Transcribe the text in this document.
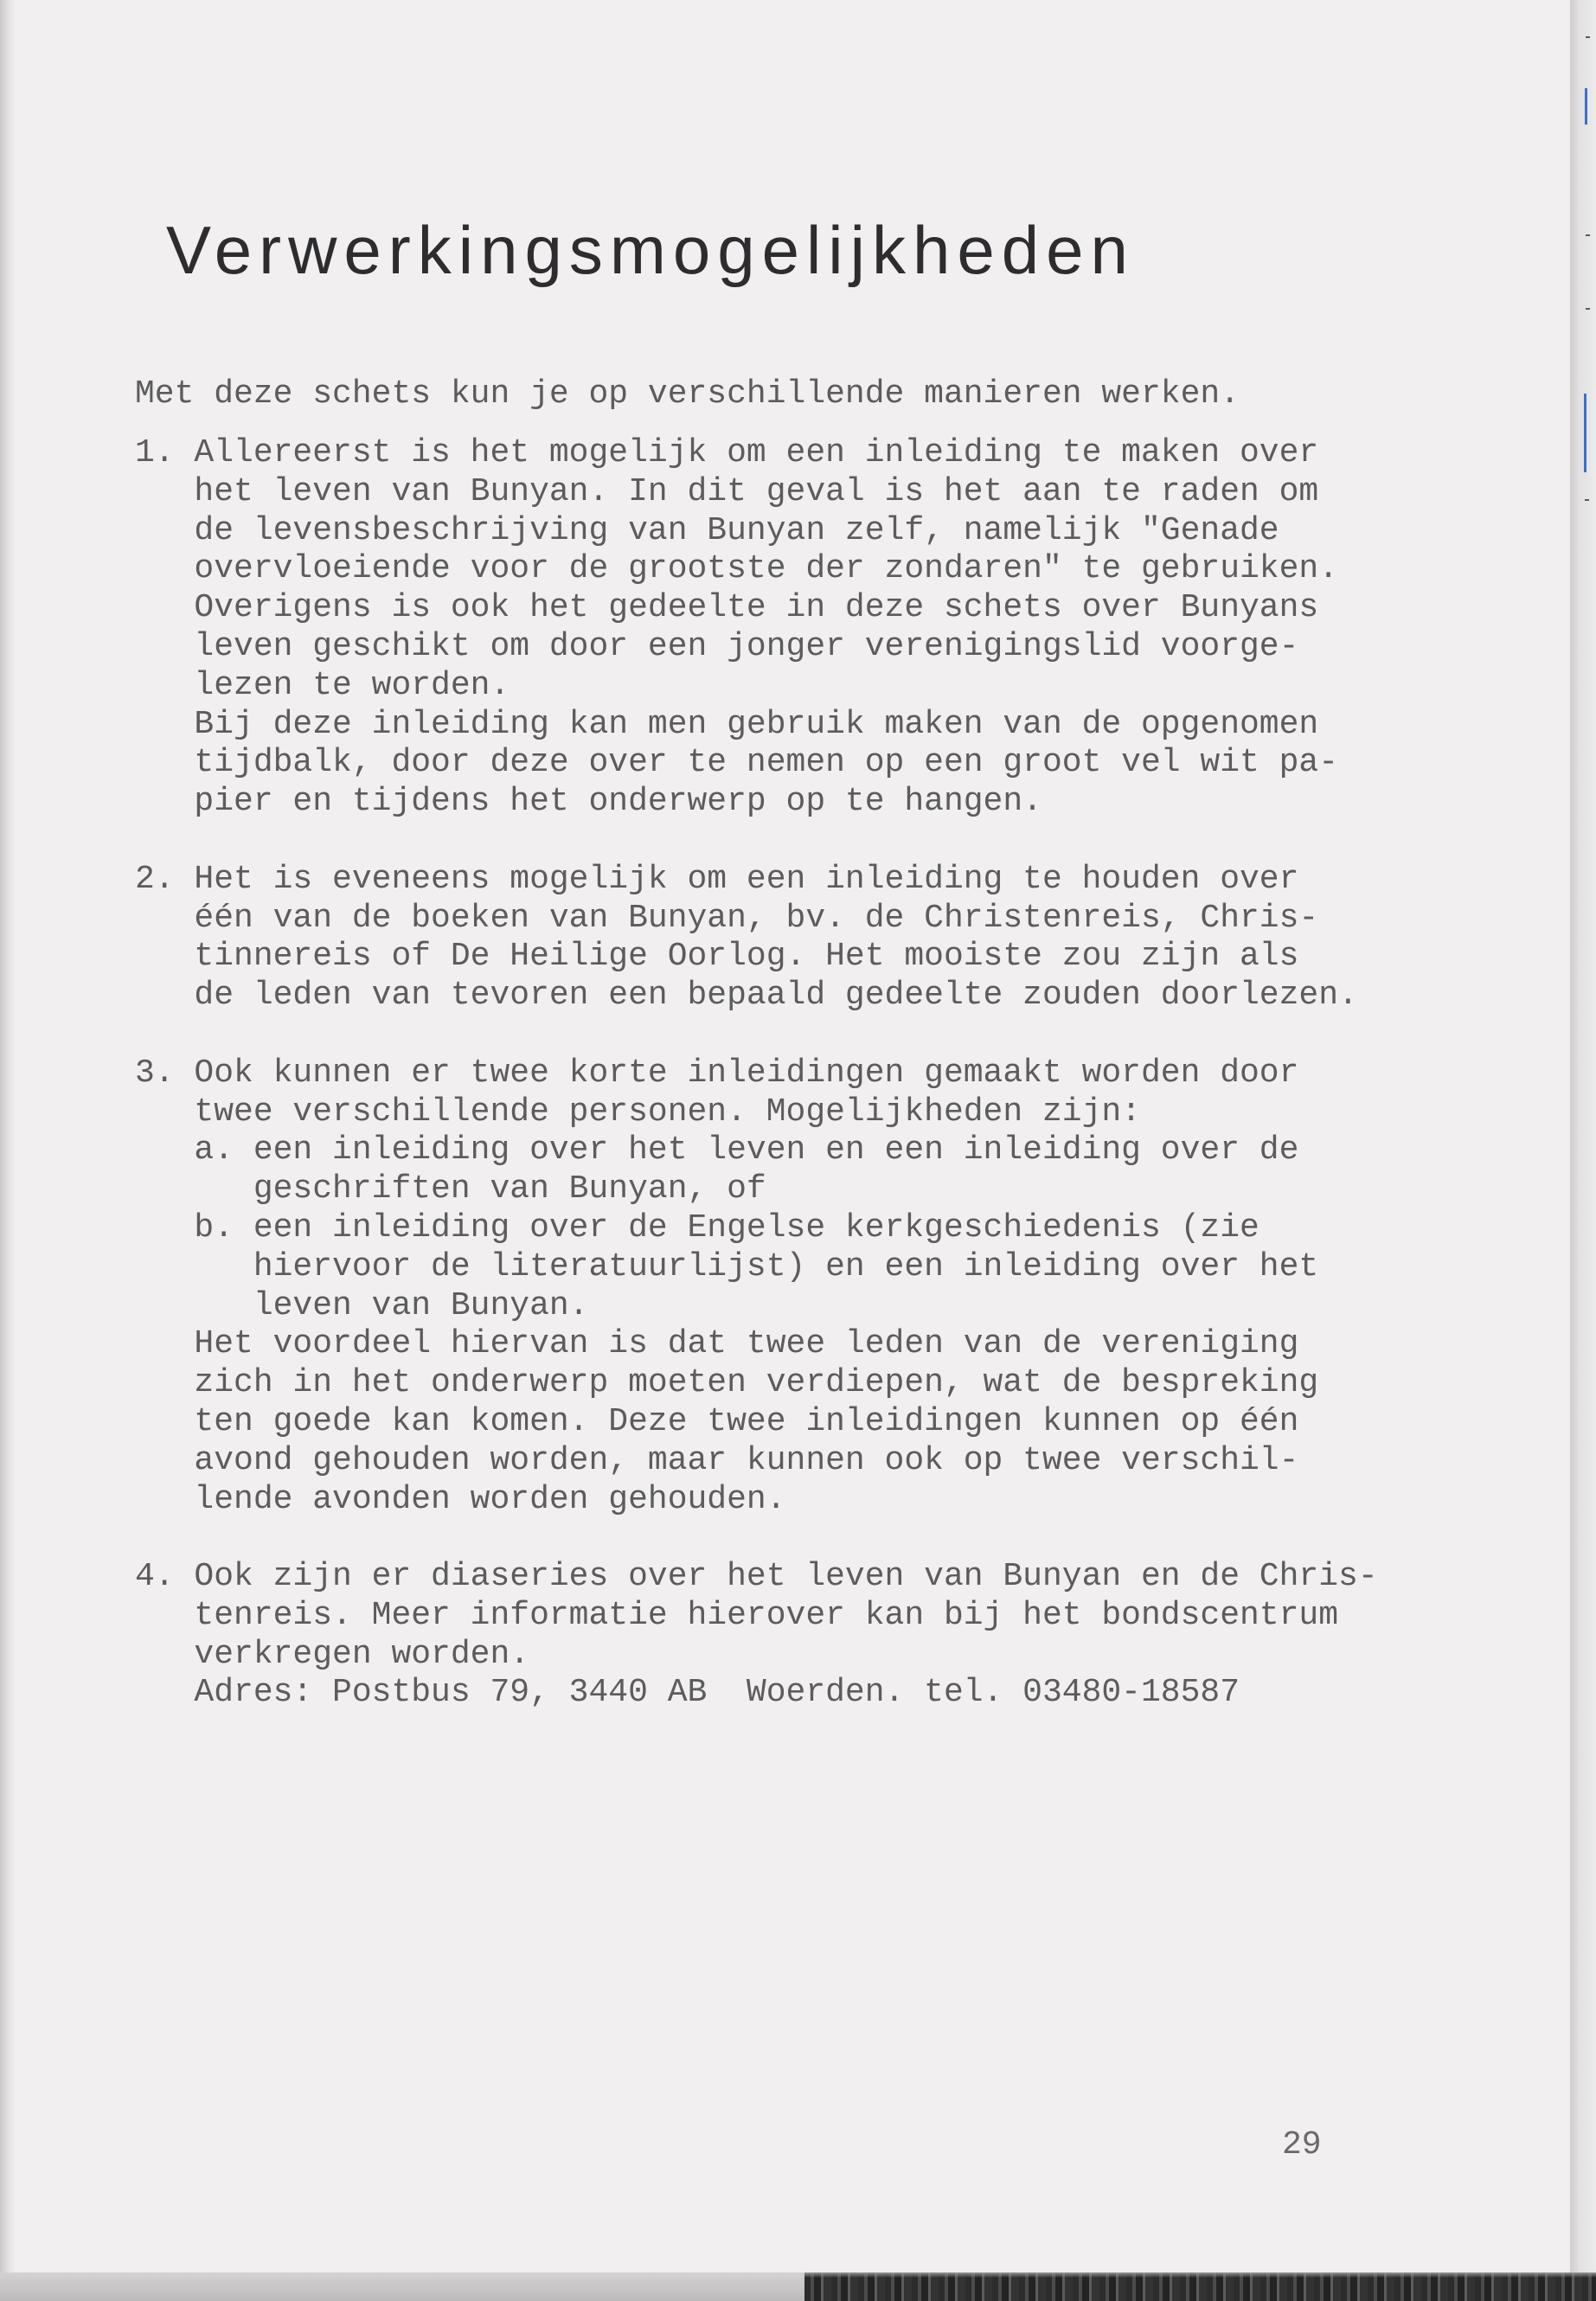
Verwerkingsmogelijkheden
Met deze schets kun je op verschillende manieren werken.
1. Allereerst is het mogelijk om een inleiding te maken over
het leven van Bunyan. In dit geval is het aan te raden om
de levensbeschrijving van Bunyan zelf, namelijk "Genade
overvloeiende voor de grootste der zondaren" te gebruiken.
Overigens is ook het gedeelte in deze schets over Bunyans
leven geschikt om door een jonger verenigingslid voorge-
lezen te worden.
Bij deze inleiding kan men gebruik maken van de opgenomen
tijdbalk, door deze over te nemen op een groot vel wit pa-
pier en tijdens het onderwerp op te hangen.
2. Het is eveneens mogelijk om een inleiding te houden over
één van de boeken van Bunyan, bv. de Christenreis, Chris-
tinnereis of De Heilige Oorlog. Het mooiste zou zijn als
de leden van tevoren een bepaald gedeelte zouden doorlezen.
3. Ook kunnen er twee korte inleidingen gemaakt worden door
twee verschillende personen. Mogelijkheden zijn:
a. een inleiding over het leven en een inleiding over de
geschriften van Bunyan, of
b. een inleiding over de Engelse kerkgeschiedenis (zie
hiervoor de literatuurlijst) en een inleiding over het
leven van Bunyan.
Het voordeel hiervan is dat twee leden van de vereniging
zich in het onderwerp moeten verdiepen, wat de bespreking
ten goede kan komen. Deze twee inleidingen kunnen op één
avond gehouden worden, maar kunnen ook op twee verschil-
lende avonden worden gehouden.
4. Ook zijn er diaseries over het leven van Bunyan en de Chris-
tenreis. Meer informatie hierover kan bij het bondscentrum
verkregen worden.
Adres: Postbus 79, 3440 AB  Woerden. tel. 03480-18587
29
